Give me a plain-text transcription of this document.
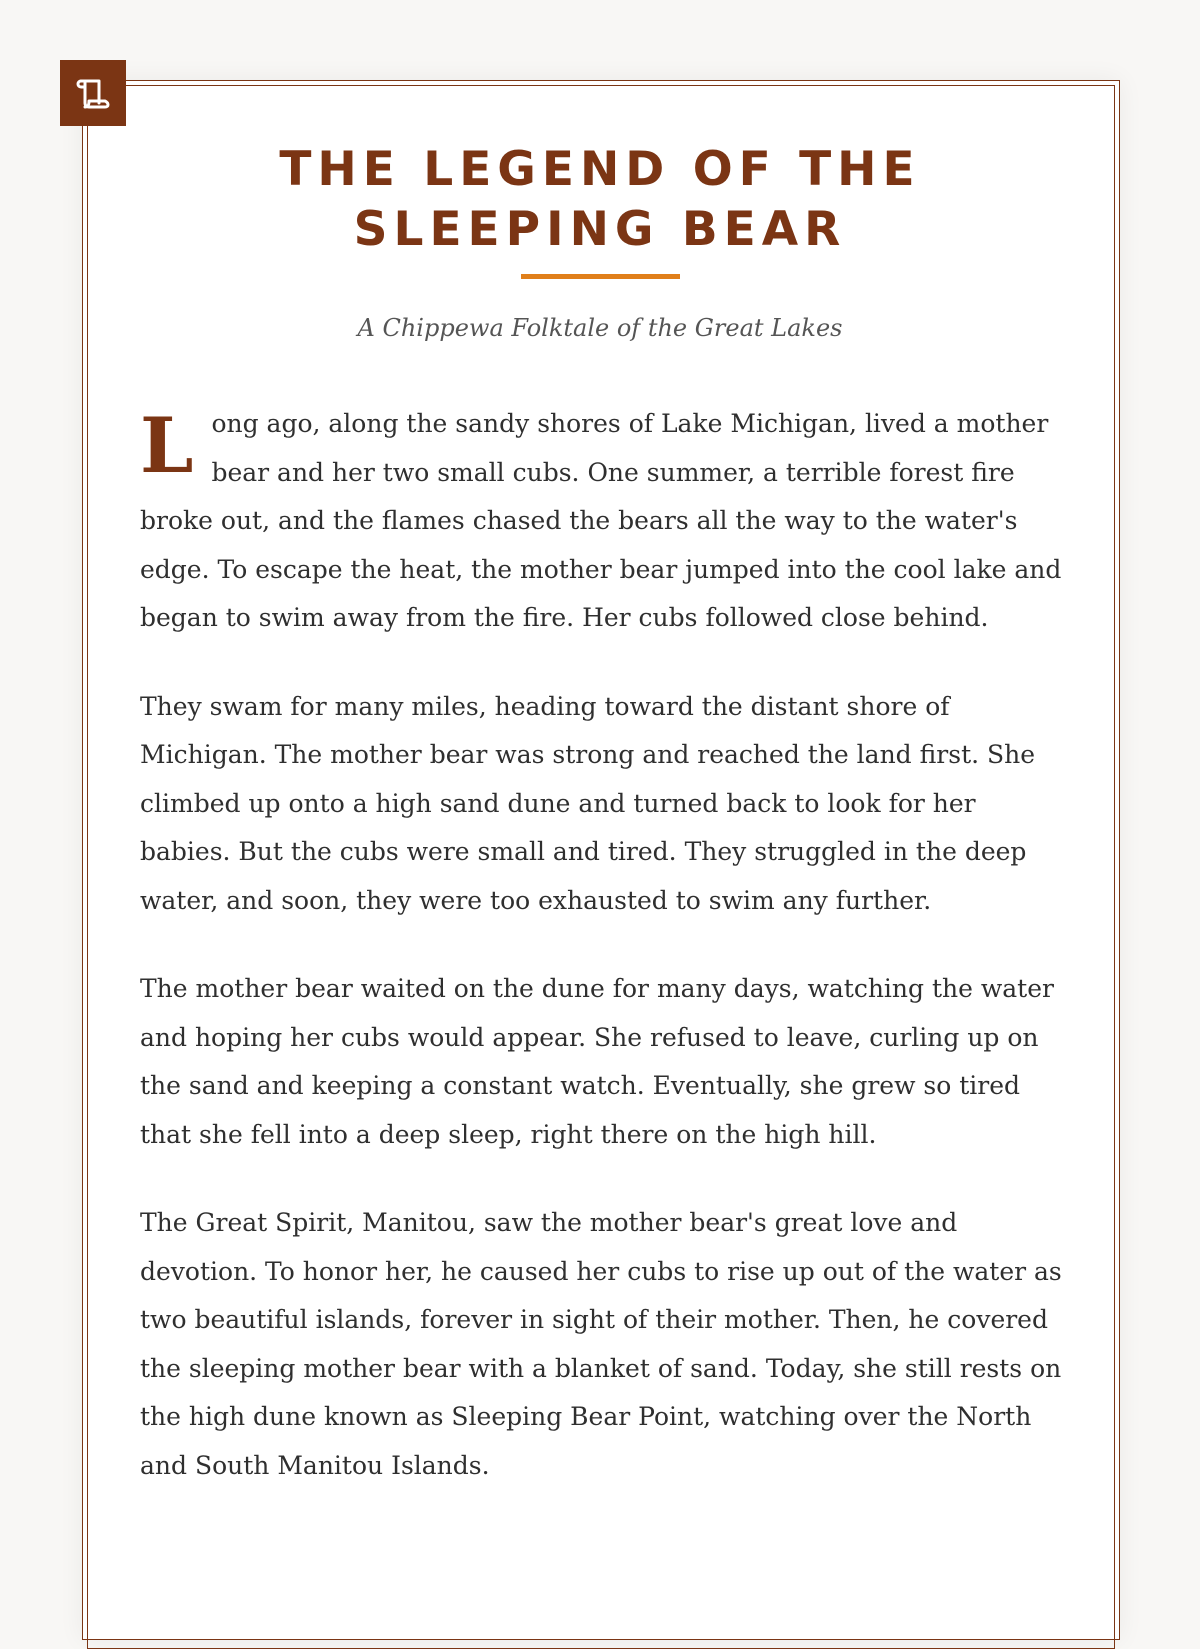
THE LEGEND OF THE SLEEPING BEAR

A Chippewa Folktale of the Great Lakes

Long ago, along the sandy shores of Lake Michigan, lived a mother bear and her two small cubs. One summer, a terrible forest fire broke out, and the flames chased the bears all the way to the water's edge. To escape the heat, the mother bear jumped into the cool lake and began to swim away from the fire. Her cubs followed close behind.

They swam for many miles, heading toward the distant shore of Michigan. The mother bear was strong and reached the land first. She climbed up onto a high sand dune and turned back to look for her babies. But the cubs were small and tired. They struggled in the deep water, and soon, they were too exhausted to swim any further.

The mother bear waited on the dune for many days, watching the water and hoping her cubs would appear. She refused to leave, curling up on the sand and keeping a constant watch. Eventually, she grew so tired that she fell into a deep sleep, right there on the high hill.

The Great Spirit, Manitou, saw the mother bear's great love and devotion. To honor her, he caused her cubs to rise up out of the water as two beautiful islands, forever in sight of their mother. Then, he covered the sleeping mother bear with a blanket of sand. Today, she still rests on the high dune known as Sleeping Bear Point, watching over the North and South Manitou Islands.
